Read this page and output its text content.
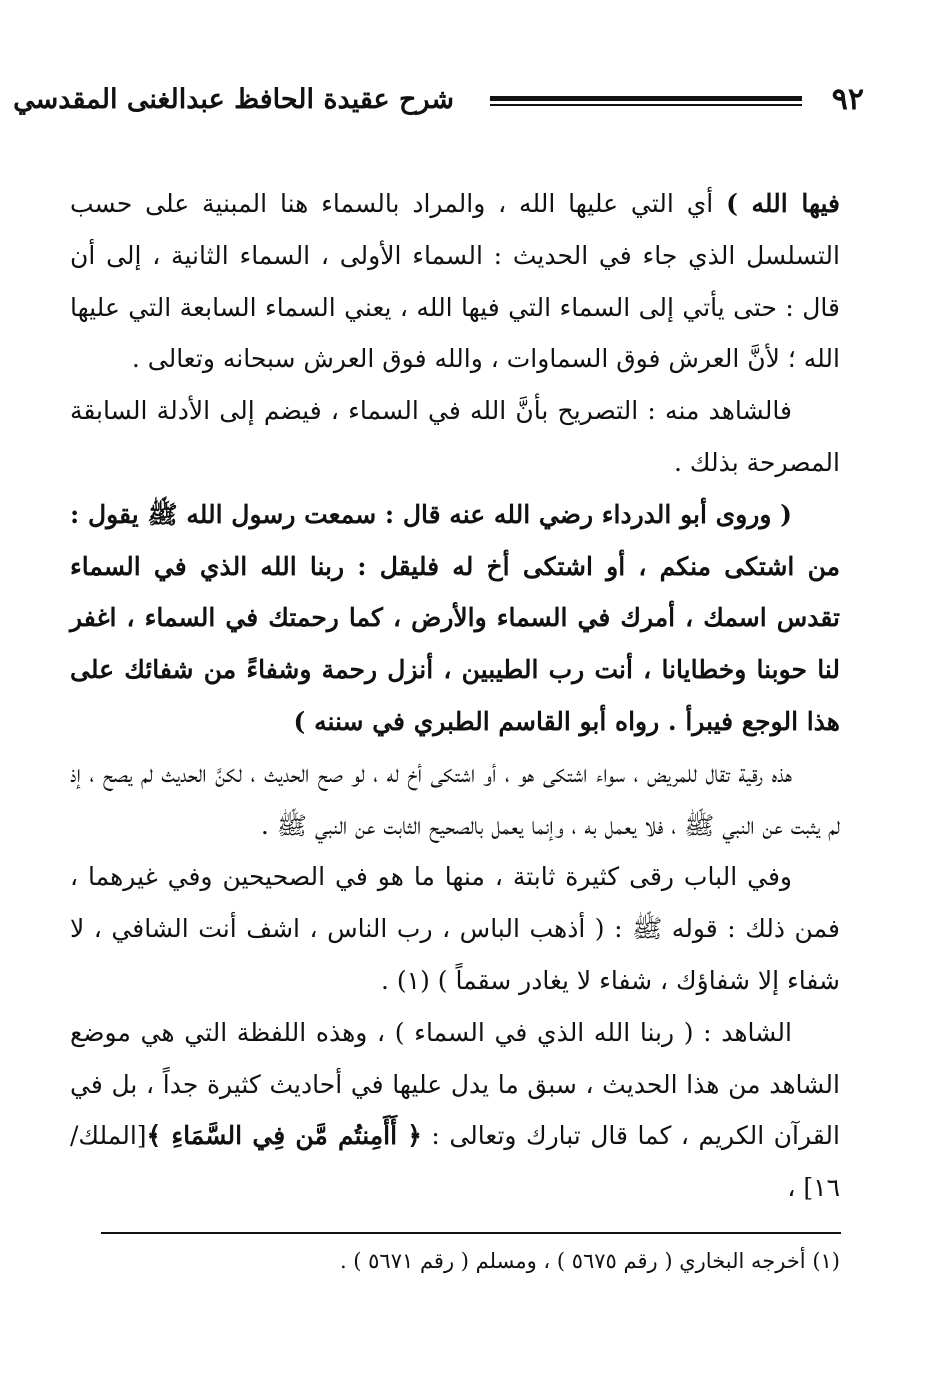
٩٢
شرح عقيدة الحافظ عبدالغنى المقدسي

فيها الله ) أي التي عليها الله ، والمراد بالسماء هنا المبنية على حسب التسلسل الذي جاء في الحديث : السماء الأولى ، السماء الثانية ، إلى أن قال : حتى يأتي إلى السماء التي فيها الله ، يعني السماء السابعة التي عليها الله ؛ لأنَّ العرش فوق السماوات ، والله فوق العرش سبحانه وتعالى .

فالشاهد منه : التصريح بأنَّ الله في السماء ، فيضم إلى الأدلة السابقة المصرحة بذلك .

( وروى أبو الدرداء رضي الله عنه قال : سمعت رسول الله ﷺ يقول : من اشتكى منكم ، أو اشتكى أخ له فليقل : ربنا الله الذي في السماء تقدس اسمك ، أمرك في السماء والأرض ، كما رحمتك في السماء ، اغفر لنا حوبنا وخطايانا ، أنت رب الطيبين ، أنزل رحمة وشفاءً من شفائك على هذا الوجع فيبرأ . رواه أبو القاسم الطبري في سننه )

هذه رقية تقال للمريض ، سواء اشتكى هو ، أو اشتكى أخ له ، لو صح الحديث ، لكنَّ الحديث لم يصح ، إذ لم يثبت عن النبي ﷺ ، فلا يعمل به ، وإنما يعمل بالصحيح الثابت عن النبي ﷺ .

وفي الباب رقى كثيرة ثابتة ، منها ما هو في الصحيحين وفي غيرهما ، فمن ذلك : قوله ﷺ : ( أذهب الباس ، رب الناس ، اشف أنت الشافي ، لا شفاء إلا شفاؤك ، شفاء لا يغادر سقماً ) (١) .

الشاهد : ( ربنا الله الذي في السماء ) ، وهذه اللفظة التي هي موضع الشاهد من هذا الحديث ، سبق ما يدل عليها في أحاديث كثيرة جداً ، بل في القرآن الكريم ، كما قال تبارك وتعالى : ﴿ أَأَمِنتُم مَّن فِي السَّمَاءِ ﴾[الملك/ ١٦] ،

(١) أخرجه البخاري ( رقم ٥٦٧٥ ) ، ومسلم ( رقم ٥٦٧١ ) .
